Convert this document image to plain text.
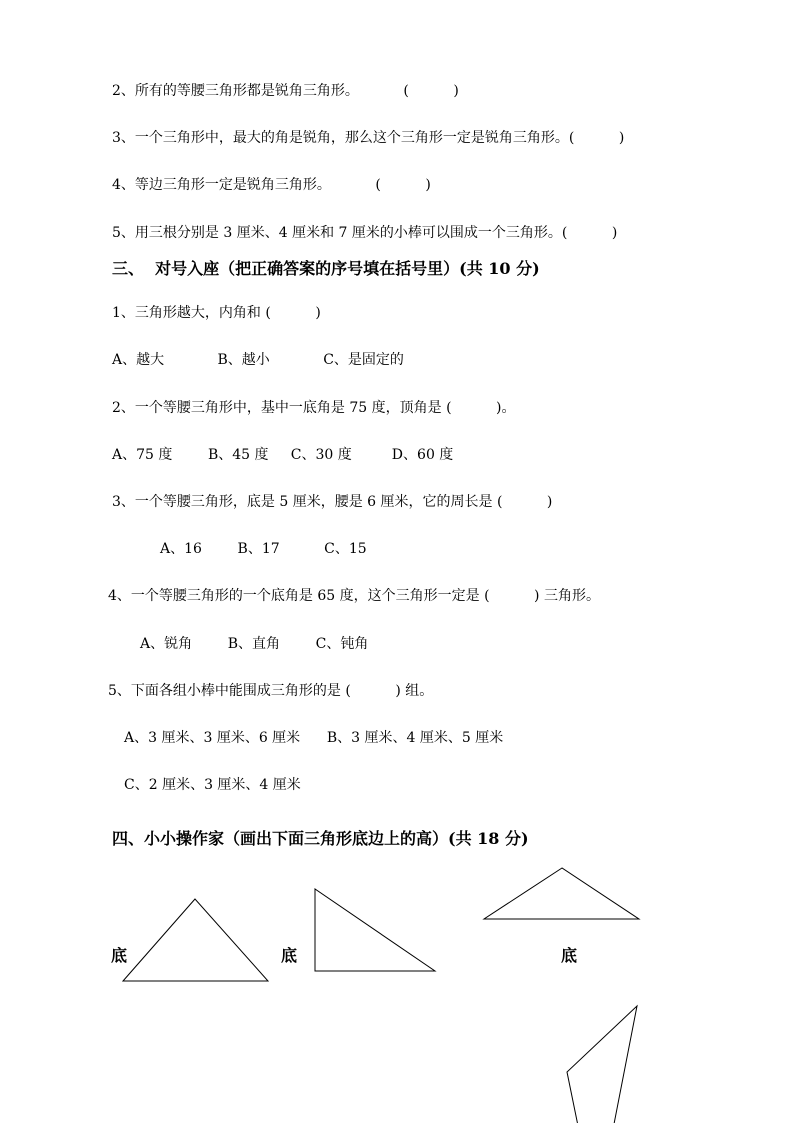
2、所有的等腰三角形都是锐角三角形。          (          )
3、一个三角形中，最大的角是锐角，那么这个三角形一定是锐角三角形。(          )
4、等边三角形一定是锐角三角形。          (          )
5、用三根分别是 3 厘米、4 厘米和 7 厘米的小棒可以围成一个三角形。(          )
三、  对号入座（把正确答案的序号填在括号里）(共 10 分)
1、三角形越大，内角和 (          )
A、越大            B、越小            C、是固定的
2、一个等腰三角形中，基中一底角是 75 度，顶角是 (          )。
A、75 度        B、45 度     C、30 度         D、60 度
3、一个等腰三角形，底是 5 厘米，腰是 6 厘米，它的周长是 (          )
A、16        B、17          C、15
4、一个等腰三角形的一个底角是 65 度，这个三角形一定是 (          ) 三角形。
A、锐角        B、直角        C、钝角
5、下面各组小棒中能围成三角形的是 (          ) 组。
A、3 厘米、3 厘米、6 厘米      B、3 厘米、4 厘米、5 厘米
C、2 厘米、3 厘米、4 厘米
四、小小操作家（画出下面三角形底边上的高）(共 18 分)
底	底	底
